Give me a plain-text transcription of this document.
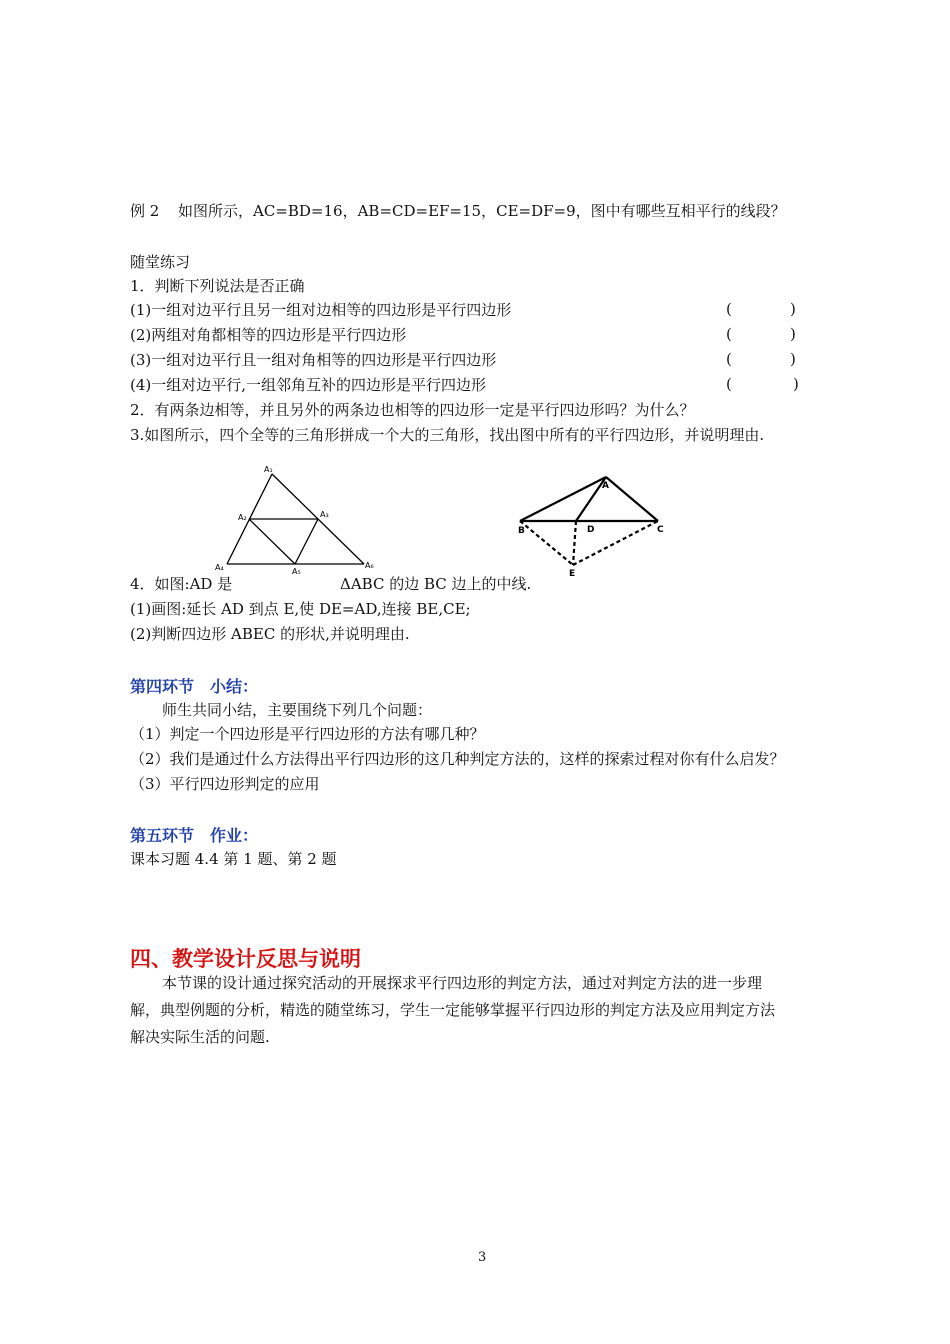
例 2 如图所示，AC=BD=16，AB=CD=EF=15，CE=DF=9，图中有哪些互相平行的线段？
随堂练习
1．判断下列说法是否正确
(1)一组对边平行且另一组对边相等的四边形是平行四边形	(	)
(2)两组对角都相等的四边形是平行四边形	(	)
(3)一组对边平行且一组对角相等的四边形是平行四边形	(	)
(4)一组对边平行,一组邻角互补的四边形是平行四边形	(	)
2．有两条边相等，并且另外的两条边也相等的四边形一定是平行四边形吗？为什么？
3.如图所示，四个全等的三角形拼成一个大的三角形，找出图中所有的平行四边形，并说明理由.
A₁
A₂	A₃
A₄	A₅
A₆
A
B	D	C
E
4．如图:AD 是	ΔABC 的边 BC 边上的中线.
(1)画图:延长 AD 到点 E,使 DE=AD,连接 BE,CE;
(2)判断四边形 ABEC 的形状,并说明理由.
第四环节　小结：
师生共同小结，主要围绕下列几个问题：
（1）判定一个四边形是平行四边形的方法有哪几种？
（2）我们是通过什么方法得出平行四边形的这几种判定方法的，这样的探索过程对你有什么启发？
（3）平行四边形判定的应用
第五环节　作业：
课本习题 4.4 第 1 题、第 2 题
四、教学设计反思与说明
本节课的设计通过探究活动的开展探求平行四边形的判定方法，通过对判定方法的进一步理
解，典型例题的分析，精选的随堂练习，学生一定能够掌握平行四边形的判定方法及应用判定方法
解决实际生活的问题.
3
